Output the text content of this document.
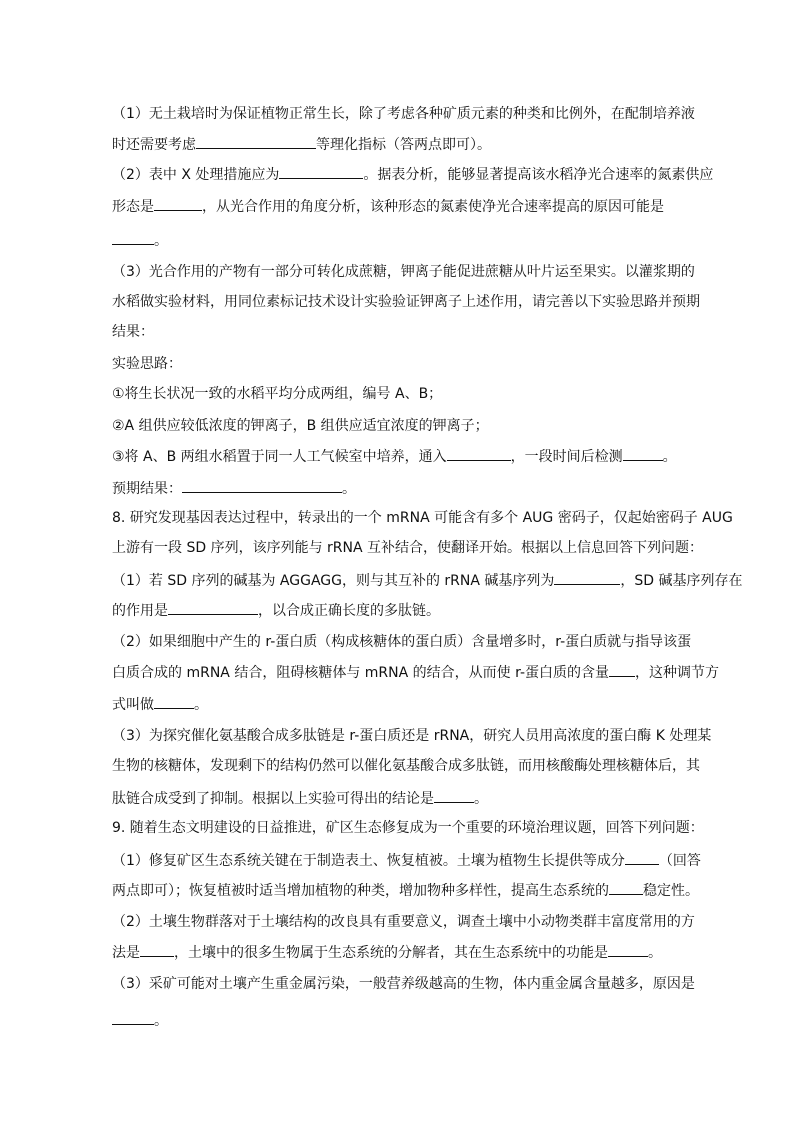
（1）无土栽培时为保证植物正常生长，除了考虑各种矿质元素的种类和比例外，在配制培养液
时还需要考虑	等理化指标（答两点即可）。
（2）表中 X 处理措施应为	。据表分析，能够显著提高该水稻净光合速率的氮素供应
形态是	，从光合作用的角度分析，该种形态的氮素使净光合速率提高的原因可能是
。
（3）光合作用的产物有一部分可转化成蔗糖，钾离子能促进蔗糖从叶片运至果实。以灌浆期的
水稻做实验材料，用同位素标记技术设计实验验证钾离子上述作用，请完善以下实验思路并预期
结果：
实验思路：
①将生长状况一致的水稻平均分成两组，编号 A、B；
②A 组供应较低浓度的钾离子，B 组供应适宜浓度的钾离子；
③将 A、B 两组水稻置于同一人工气候室中培养，通入	，一段时间后检测	。
预期结果：	。
8. 研究发现基因表达过程中，转录出的一个 mRNA 可能含有多个 AUG 密码子，仅起始密码子 AUG
上游有一段 SD 序列，该序列能与 rRNA 互补结合，使翻译开始。根据以上信息回答下列问题：
（1）若 SD 序列的碱基为 AGGAGG，则与其互补的 rRNA 碱基序列为	，SD 碱基序列存在
的作用是	，以合成正确长度的多肽链。
（2）如果细胞中产生的 r-蛋白质（构成核糖体的蛋白质）含量增多时，r-蛋白质就与指导该蛋
白质合成的 mRNA 结合，阻碍核糖体与 mRNA 的结合，从而使 r-蛋白质的含量 ，这种调节方
式叫做	。
（3）为探究催化氨基酸合成多肽链是 r-蛋白质还是 rRNA，研究人员用高浓度的蛋白酶 K 处理某
生物的核糖体，发现剩下的结构仍然可以催化氨基酸合成多肽链，而用核酸酶处理核糖体后，其
肽链合成受到了抑制。根据以上实验可得出的结论是	。
9. 随着生态文明建设的日益推进，矿区生态修复成为一个重要的环境治理议题，回答下列问题：
（1）修复矿区生态系统关键在于制造表土、恢复植被。土壤为植物生长提供等成分 （回答
两点即可）；恢复植被时适当增加植物的种类，增加物种多样性，提高生态系统的 稳定性。
（2）土壤生物群落对于土壤结构的改良具有重要意义，调查土壤中小动物类群丰富度常用的方
法是 ，土壤中的很多生物属于生态系统的分解者，其在生态系统中的功能是	。
（3）采矿可能对土壤产生重金属污染，一般营养级越高的生物，体内重金属含量越多，原因是
。
